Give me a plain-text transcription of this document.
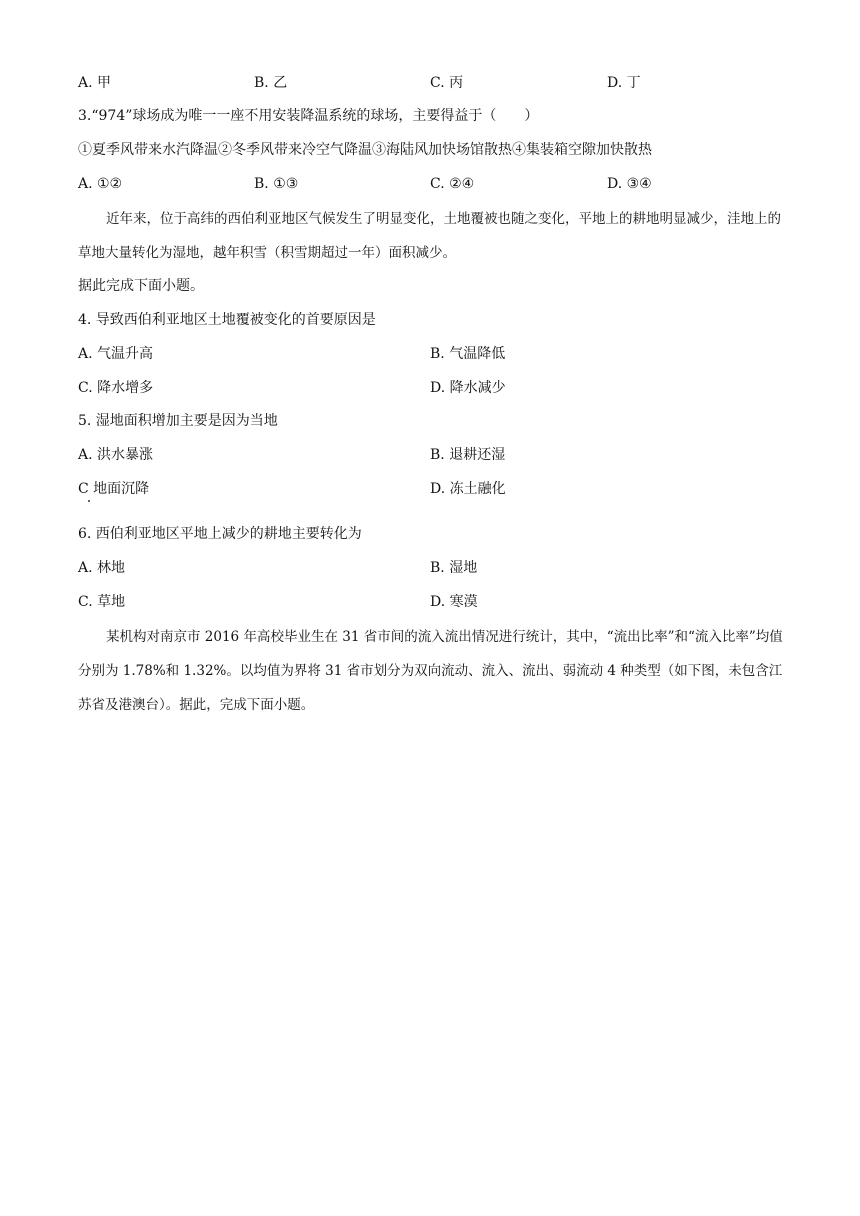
A. 甲	B. 乙	C. 丙	D. 丁
3.“974”球场成为唯一一座不用安装降温系统的球场，主要得益于（　　）
①夏季风带来水汽降温②冬季风带来冷空气降温③海陆风加快场馆散热④集装箱空隙加快散热
A. ①②	B. ①③	C. ②④	D. ③④
近年来，位于高纬的西伯利亚地区气候发生了明显变化，土地覆被也随之变化，平地上的耕地明显减少，洼地上的草地大量转化为湿地，越年积雪（积雪期超过一年）面积减少。
据此完成下面小题。
4. 导致西伯利亚地区土地覆被变化的首要原因是
A. 气温升高	B. 气温降低
C. 降水增多	D. 降水减少
5. 湿地面积增加主要是因为当地
A. 洪水暴涨	B. 退耕还湿
C 地面沉降	D. 冻土融化
6. 西伯利亚地区平地上减少的耕地主要转化为
A. 林地	B. 湿地
C. 草地	D. 寒漠
某机构对南京市 2016 年高校毕业生在 31 省市间的流入流出情况进行统计，其中，“流出比率”和“流入比率”均值分别为 1.78%和 1.32%。以均值为界将 31 省市划分为双向流动、流入、流出、弱流动 4 种类型（如下图，未包含江苏省及港澳台）。据此，完成下面小题。
